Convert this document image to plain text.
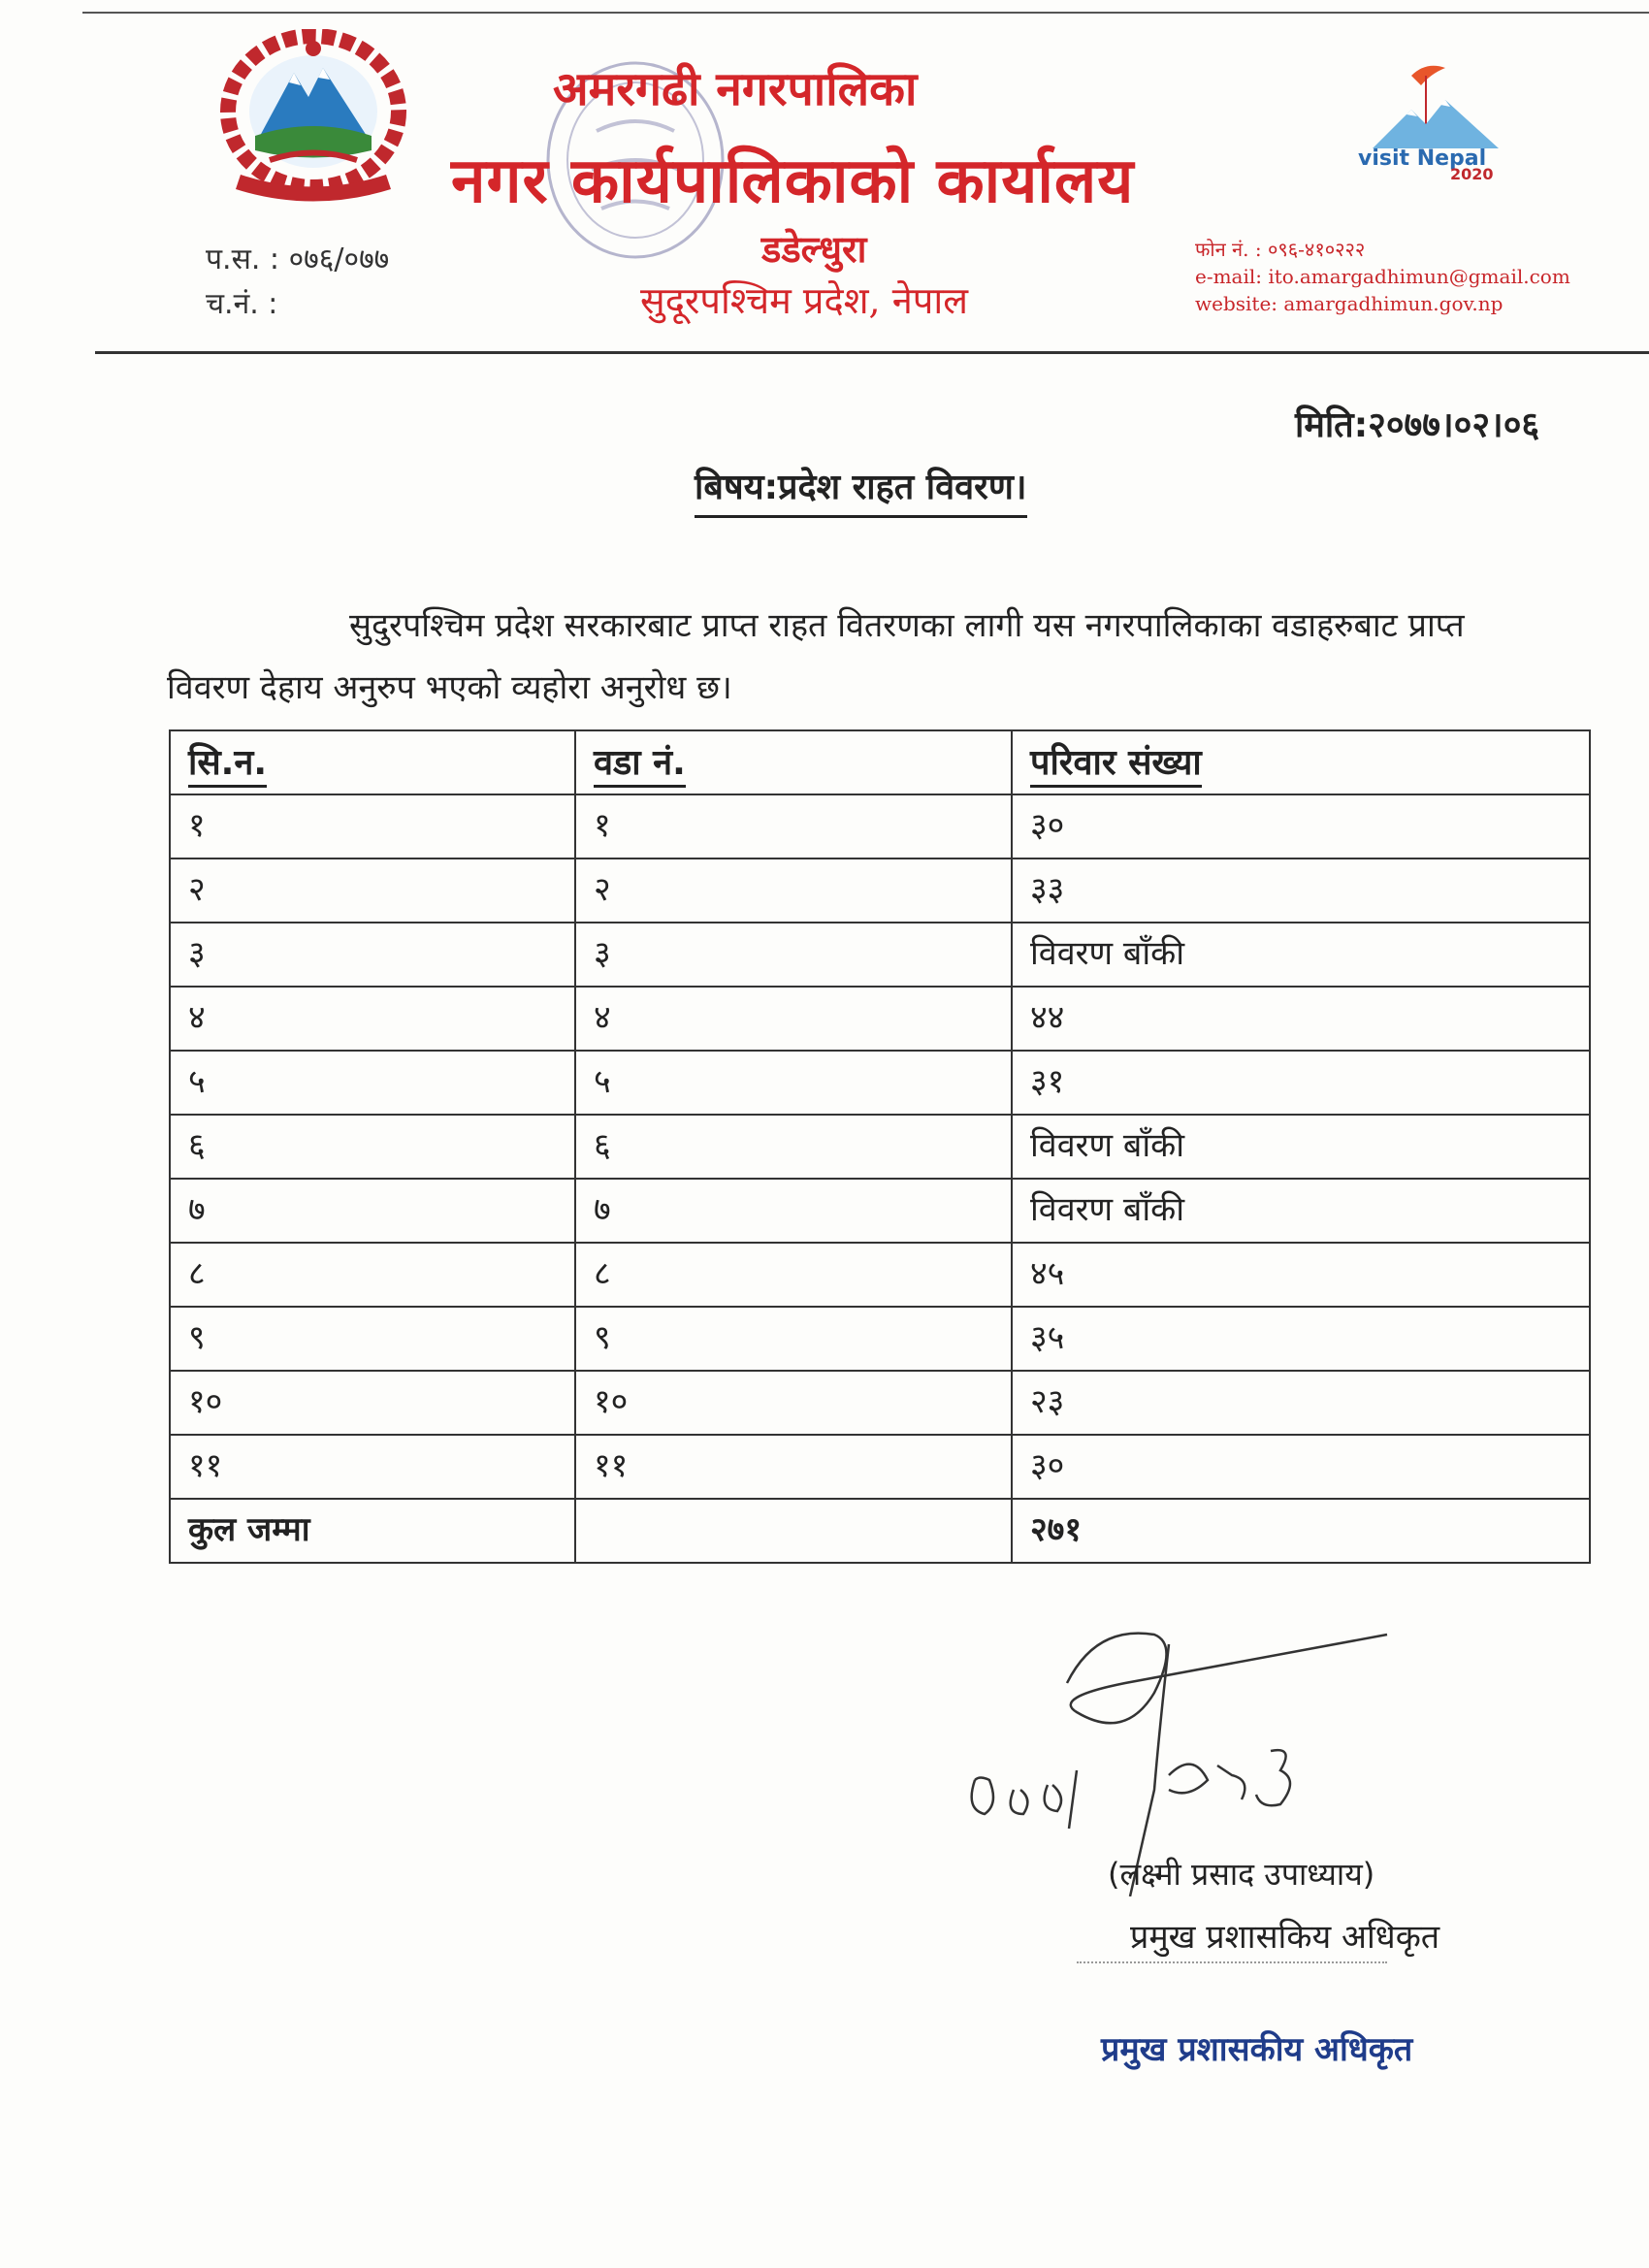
अमरगढी नगरपालिका
नगर कार्यपालिकाको कार्यालय
डडेल्धुरा
सुदूरपश्चिम प्रदेश, नेपाल
visit Nepal
2020
प.स. : ०७६/०७७
च.नं. :
फोन नं. : ०९६-४१०२२२
e-mail: ito.amargadhimun@gmail.com
website: amargadhimun.gov.np
मिति:२०७७।०२।०६
बिषय:प्रदेश राहत विवरण।
सुदुरपश्चिम प्रदेश सरकारबाट प्राप्त राहत वितरणका लागी यस नगरपालिकाका वडाहरुबाट प्राप्त
विवरण देहाय अनुरुप भएको व्यहोरा अनुरोध छ।
सि.न.	वडा नं.	परिवार संख्या
१	१	३०
२	२	३३
३	३	विवरण बाँकी
४	४	४४
५	५	३१
६	६	विवरण बाँकी
७	७	विवरण बाँकी
८	८	४५
९	९	३५
१०	१०	२३
११	११	३०
कुल जम्मा		२७१
(लक्ष्मी प्रसाद उपाध्याय)
प्रमुख प्रशासकिय अधिकृत
प्रमुख प्रशासकीय अधिकृत
